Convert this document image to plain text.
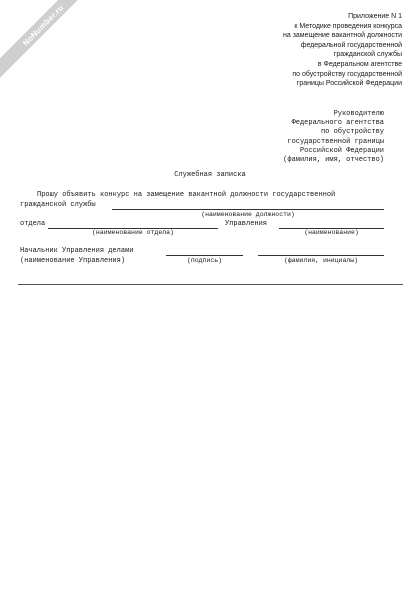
NoNumber.ru	Приложение N 1
к Методике проведения конкурса
на замещение вакантной должности
федеральной государственной
гражданской службы
в Федеральном агентстве
по обустройству государственной
границы Российской Федерации
Руководителю
Федерального агентства
по обустройству
государственной границы
Российской Федерации
(фамилия, имя, отчество)
Служебная записка
Прошу объявить конкурс на замещение вакантной должности государственной
гражданской службы
(наименование должности)
отдела	Управления
(наименование отдела)	(наименование)
Начальник Управления делами
(наименование Управления)	(подпись)	(фамилия, инициалы)
